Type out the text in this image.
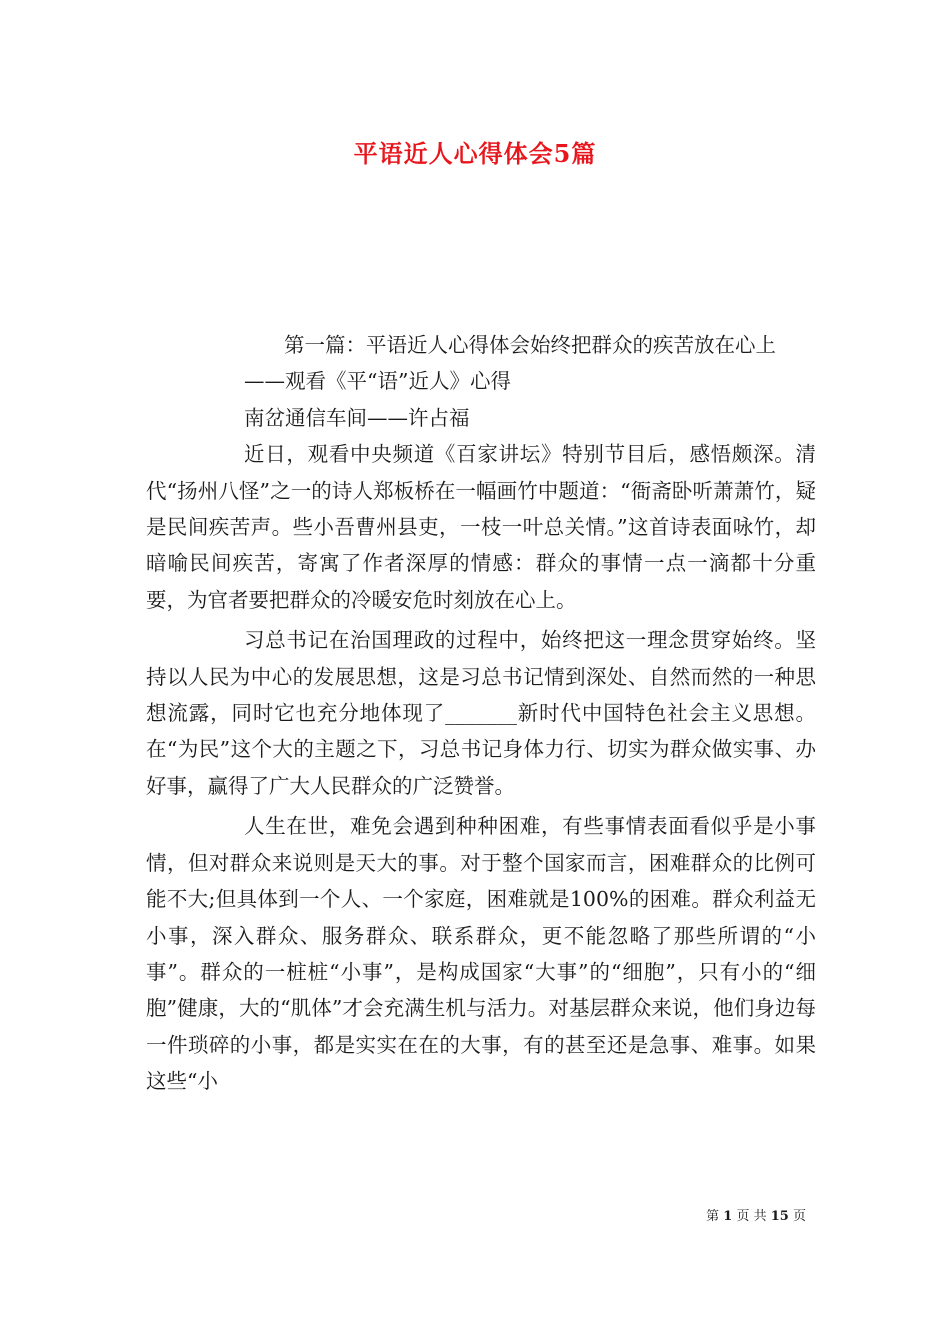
平语近人心得体会5篇

第一篇：平语近人心得体会始终把群众的疾苦放在心上

——观看《平“语”近人》心得

南岔通信车间——许占福

近日，观看中央频道《百家讲坛》特别节目后，感悟颇深。清代“扬州八怪”之一的诗人郑板桥在一幅画竹中题道：“衙斋卧听萧萧竹，疑是民间疾苦声。些小吾曹州县吏，一枝一叶总关情。”这首诗表面咏竹，却暗喻民间疾苦，寄寓了作者深厚的情感：群众的事情一点一滴都十分重要，为官者要把群众的冷暖安危时刻放在心上。

习总书记在治国理政的过程中，始终把这一理念贯穿始终。坚持以人民为中心的发展思想，这是习总书记情到深处、自然而然的一种思想流露，同时它也充分地体现了_______新时代中国特色社会主义思想。在“为民”这个大的主题之下，习总书记身体力行、切实为群众做实事、办好事，赢得了广大人民群众的广泛赞誉。

人生在世，难免会遇到种种困难，有些事情表面看似乎是小事情，但对群众来说则是天大的事。对于整个国家而言，困难群众的比例可能不大;但具体到一个人、一个家庭，困难就是100%的困难。群众利益无小事，深入群众、服务群众、联系群众，更不能忽略了那些所谓的“小事”。群众的一桩桩“小事”，是构成国家“大事”的“细胞”，只有小的“细胞”健康，大的“肌体”才会充满生机与活力。对基层群众来说，他们身边每一件琐碎的小事，都是实实在在的大事，有的甚至还是急事、难事。如果这些“小

第 1 页 共 15 页
